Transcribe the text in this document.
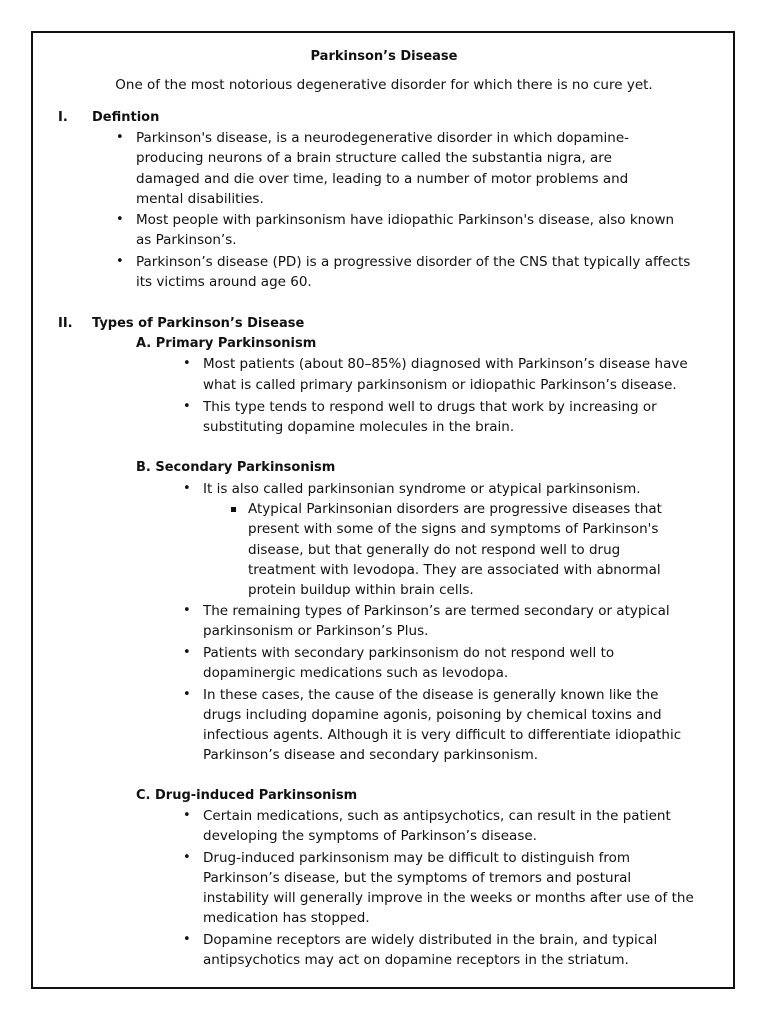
Parkinson’s Disease
One of the most notorious degenerative disorder for which there is no cure yet.
I. Defintion
• Parkinson's disease, is a neurodegenerative disorder in which dopamine-
producing neurons of a brain structure called the substantia nigra, are
damaged and die over time, leading to a number of motor problems and
mental disabilities.
• Most people with parkinsonism have idiopathic Parkinson's disease, also known
as Parkinson’s.
• Parkinson’s disease (PD) is a progressive disorder of the CNS that typically affects
its victims around age 60.
II. Types of Parkinson’s Disease
A. Primary Parkinsonism
• Most patients (about 80–85%) diagnosed with Parkinson’s disease have
what is called primary parkinsonism or idiopathic Parkinson’s disease.
• This type tends to respond well to drugs that work by increasing or
substituting dopamine molecules in the brain.
B. Secondary Parkinsonism
• It is also called parkinsonian syndrome or atypical parkinsonism.
Atypical Parkinsonian disorders are progressive diseases that
present with some of the signs and symptoms of Parkinson's
disease, but that generally do not respond well to drug
treatment with levodopa. They are associated with abnormal
protein buildup within brain cells.
• The remaining types of Parkinson’s are termed secondary or atypical
parkinsonism or Parkinson’s Plus.
• Patients with secondary parkinsonism do not respond well to
dopaminergic medications such as levodopa.
• In these cases, the cause of the disease is generally known like the
drugs including dopamine agonis, poisoning by chemical toxins and
infectious agents. Although it is very difficult to differentiate idiopathic
Parkinson’s disease and secondary parkinsonism.
C. Drug-induced Parkinsonism
• Certain medications, such as antipsychotics, can result in the patient
developing the symptoms of Parkinson’s disease.
• Drug-induced parkinsonism may be difficult to distinguish from
Parkinson’s disease, but the symptoms of tremors and postural
instability will generally improve in the weeks or months after use of the
medication has stopped.
• Dopamine receptors are widely distributed in the brain, and typical
antipsychotics may act on dopamine receptors in the striatum.
